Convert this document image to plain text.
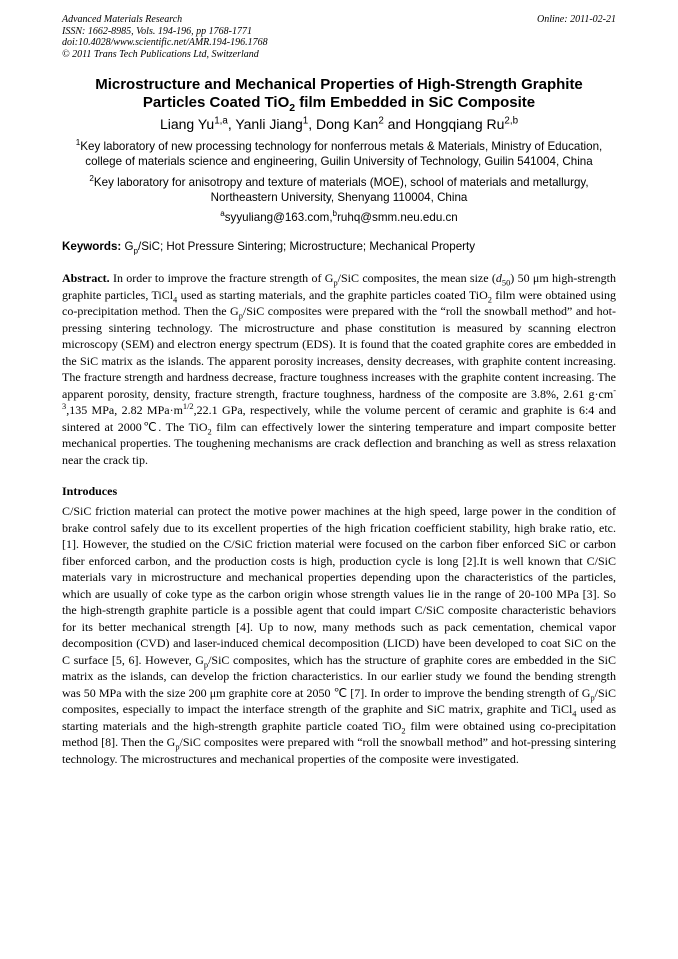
Advanced Materials Research
ISSN: 1662-8985, Vols. 194-196, pp 1768-1771
doi:10.4028/www.scientific.net/AMR.194-196.1768
© 2011 Trans Tech Publications Ltd, Switzerland
Online: 2011-02-21
Microstructure and Mechanical Properties of High-Strength Graphite
Particles Coated TiO$_2$ film Embedded in SiC Composite
Liang Yu$^{1,a}$, Yanli Jiang$^1$, Dong Kan$^2$ and Hongqiang Ru$^{2,b}$
$^1$Key laboratory of new processing technology for nonferrous metals & Materials, Ministry of Education, college of materials science and engineering, Guilin University of Technology, Guilin 541004, China
$^2$Key laboratory for anisotropy and texture of materials (MOE), school of materials and metallurgy, Northeastern University, Shenyang 110004, China
$^a$syyuliang@163.com,$^b$ruhq@smm.neu.edu.cn
Keywords: $G_p$/SiC; Hot Pressure Sintering; Microstructure; Mechanical Property

Abstract. In order to improve the fracture strength of $G_p$/SiC composites, the mean size $(d_{50})$ 50 μm high-strength graphite particles, TiCl$_4$ used as starting materials, and the graphite particles coated TiO$_2$ film were obtained using co-precipitation method. Then the $G_p$/SiC composites were prepared with the “roll the snowball method” and hot-pressing sintering technology. The microstructure and phase constitution is measured by scanning electron microscopy (SEM) and electron energy spectrum (EDS). It is found that the coated graphite cores are embedded in the SiC matrix as the islands. The apparent porosity increases, density decreases, with graphite content increasing. The fracture strength and hardness decrease, fracture toughness increases with the graphite content increasing. The apparent porosity, density, fracture strength, fracture toughness, hardness of the composite are 3.8%, 2.61 $g\cdot cm^{-3},135$ MPa, 2.82 $MPa\cdot m^{1/2},22.1$ GPa, respectively, while the volume percent of ceramic and graphite is 6:4 and sintered at 2000℃. The TiO$_2$ film can effectively lower the sintering temperature and impart composite better mechanical properties. The toughening mechanisms are crack deflection and branching as well as stress relaxation near the crack tip.

Introduces

C/SiC friction material can protect the motive power machines at the high speed, large power in the condition of brake control safely due to its excellent properties of the high frication coefficient stability, high brake ratio, etc. [1]. However, the studied on the C/SiC friction material were focused on the carbon fiber enforced SiC or carbon fiber enforced carbon, and the production costs is high, production cycle is long [2].It is well known that C/SiC materials vary in microstructure and mechanical properties depending upon the characteristics of the particles, which are usually of coke type as the carbon origin whose strength values lie in the range of 20-100 MPa [3]. So the high-strength graphite particle is a possible agent that could impart C/SiC composite characteristic behaviors for its better mechanical strength [4]. Up to now, many methods such as pack cementation, chemical vapor decomposition (CVD) and laser-induced chemical decomposition (LICD) have been developed to coat SiC on the C surface [5, 6]. However, $G_p$/SiC composites, which has the structure of graphite cores are embedded in the SiC matrix as the islands, can develop the friction characteristics. In our earlier study we found the bending strength was 50 MPa with the size 200 μm graphite core at 2050 ℃ [7]. In order to improve the bending strength of $G_p$/SiC composites, especially to impact the interface strength of the graphite and SiC matrix, graphite and TiCl$_4$ used as starting materials and the high-strength graphite particle coated TiO$_2$ film were obtained using co-precipitation method [8]. Then the $G_p$/SiC composites were prepared with “roll the snowball method” and hot-pressing sintering technology. The microstructures and mechanical properties of the composite were investigated.
